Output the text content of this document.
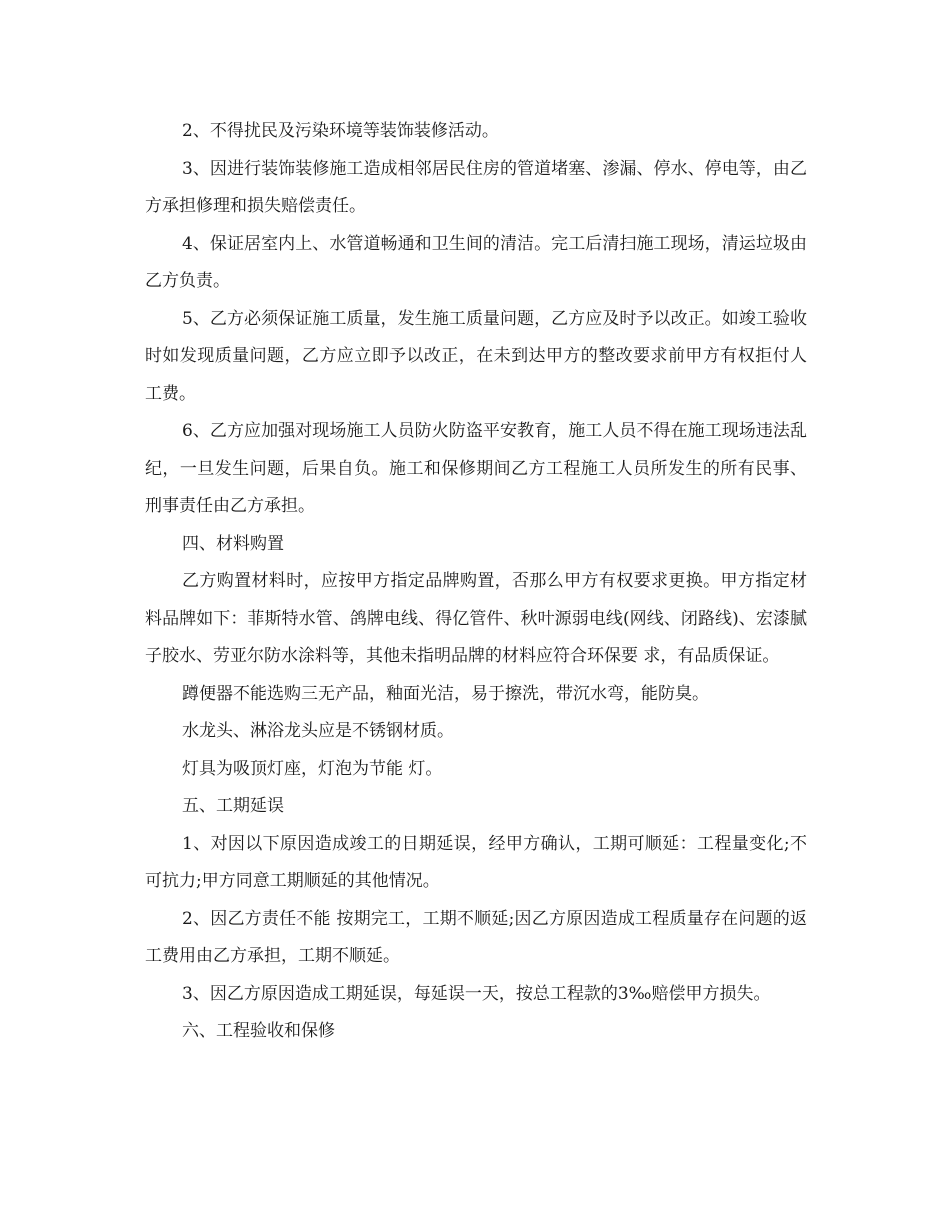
2、不得扰民及污染环境等装饰装修活动。

3、因进行装饰装修施工造成相邻居民住房的管道堵塞、渗漏、停水、停电等，由乙方承担修理和损失赔偿责任。

4、保证居室内上、水管道畅通和卫生间的清洁。完工后清扫施工现场，清运垃圾由乙方负责。

5、乙方必须保证施工质量，发生施工质量问题，乙方应及时予以改正。如竣工验收时如发现质量问题，乙方应立即予以改正，在未到达甲方的整改要求前甲方有权拒付人工费。

6、乙方应加强对现场施工人员防火防盗平安教育，施工人员不得在施工现场违法乱纪，一旦发生问题，后果自负。施工和保修期间乙方工程施工人员所发生的所有民事、刑事责任由乙方承担。

四、材料购置

乙方购置材料时，应按甲方指定品牌购置，否那么甲方有权要求更换。甲方指定材料品牌如下：菲斯特水管、鸽牌电线、得亿管件、秋叶源弱电线(网线、闭路线)、宏漆腻子胶水、劳亚尔防水涂料等，其他未指明品牌的材料应符合环保要 求，有品质保证。

蹲便器不能选购三无产品，釉面光洁，易于擦洗，带沉水弯，能防臭。

水龙头、淋浴龙头应是不锈钢材质。

灯具为吸顶灯座，灯泡为节能 灯。

五、工期延误

1、对因以下原因造成竣工的日期延误，经甲方确认，工期可顺延：工程量变化;不可抗力;甲方同意工期顺延的其他情况。

2、因乙方责任不能 按期完工，工期不顺延;因乙方原因造成工程质量存在问题的返工费用由乙方承担，工期不顺延。

3、因乙方原因造成工期延误，每延误一天，按总工程款的3‰赔偿甲方损失。

六、工程验收和保修
